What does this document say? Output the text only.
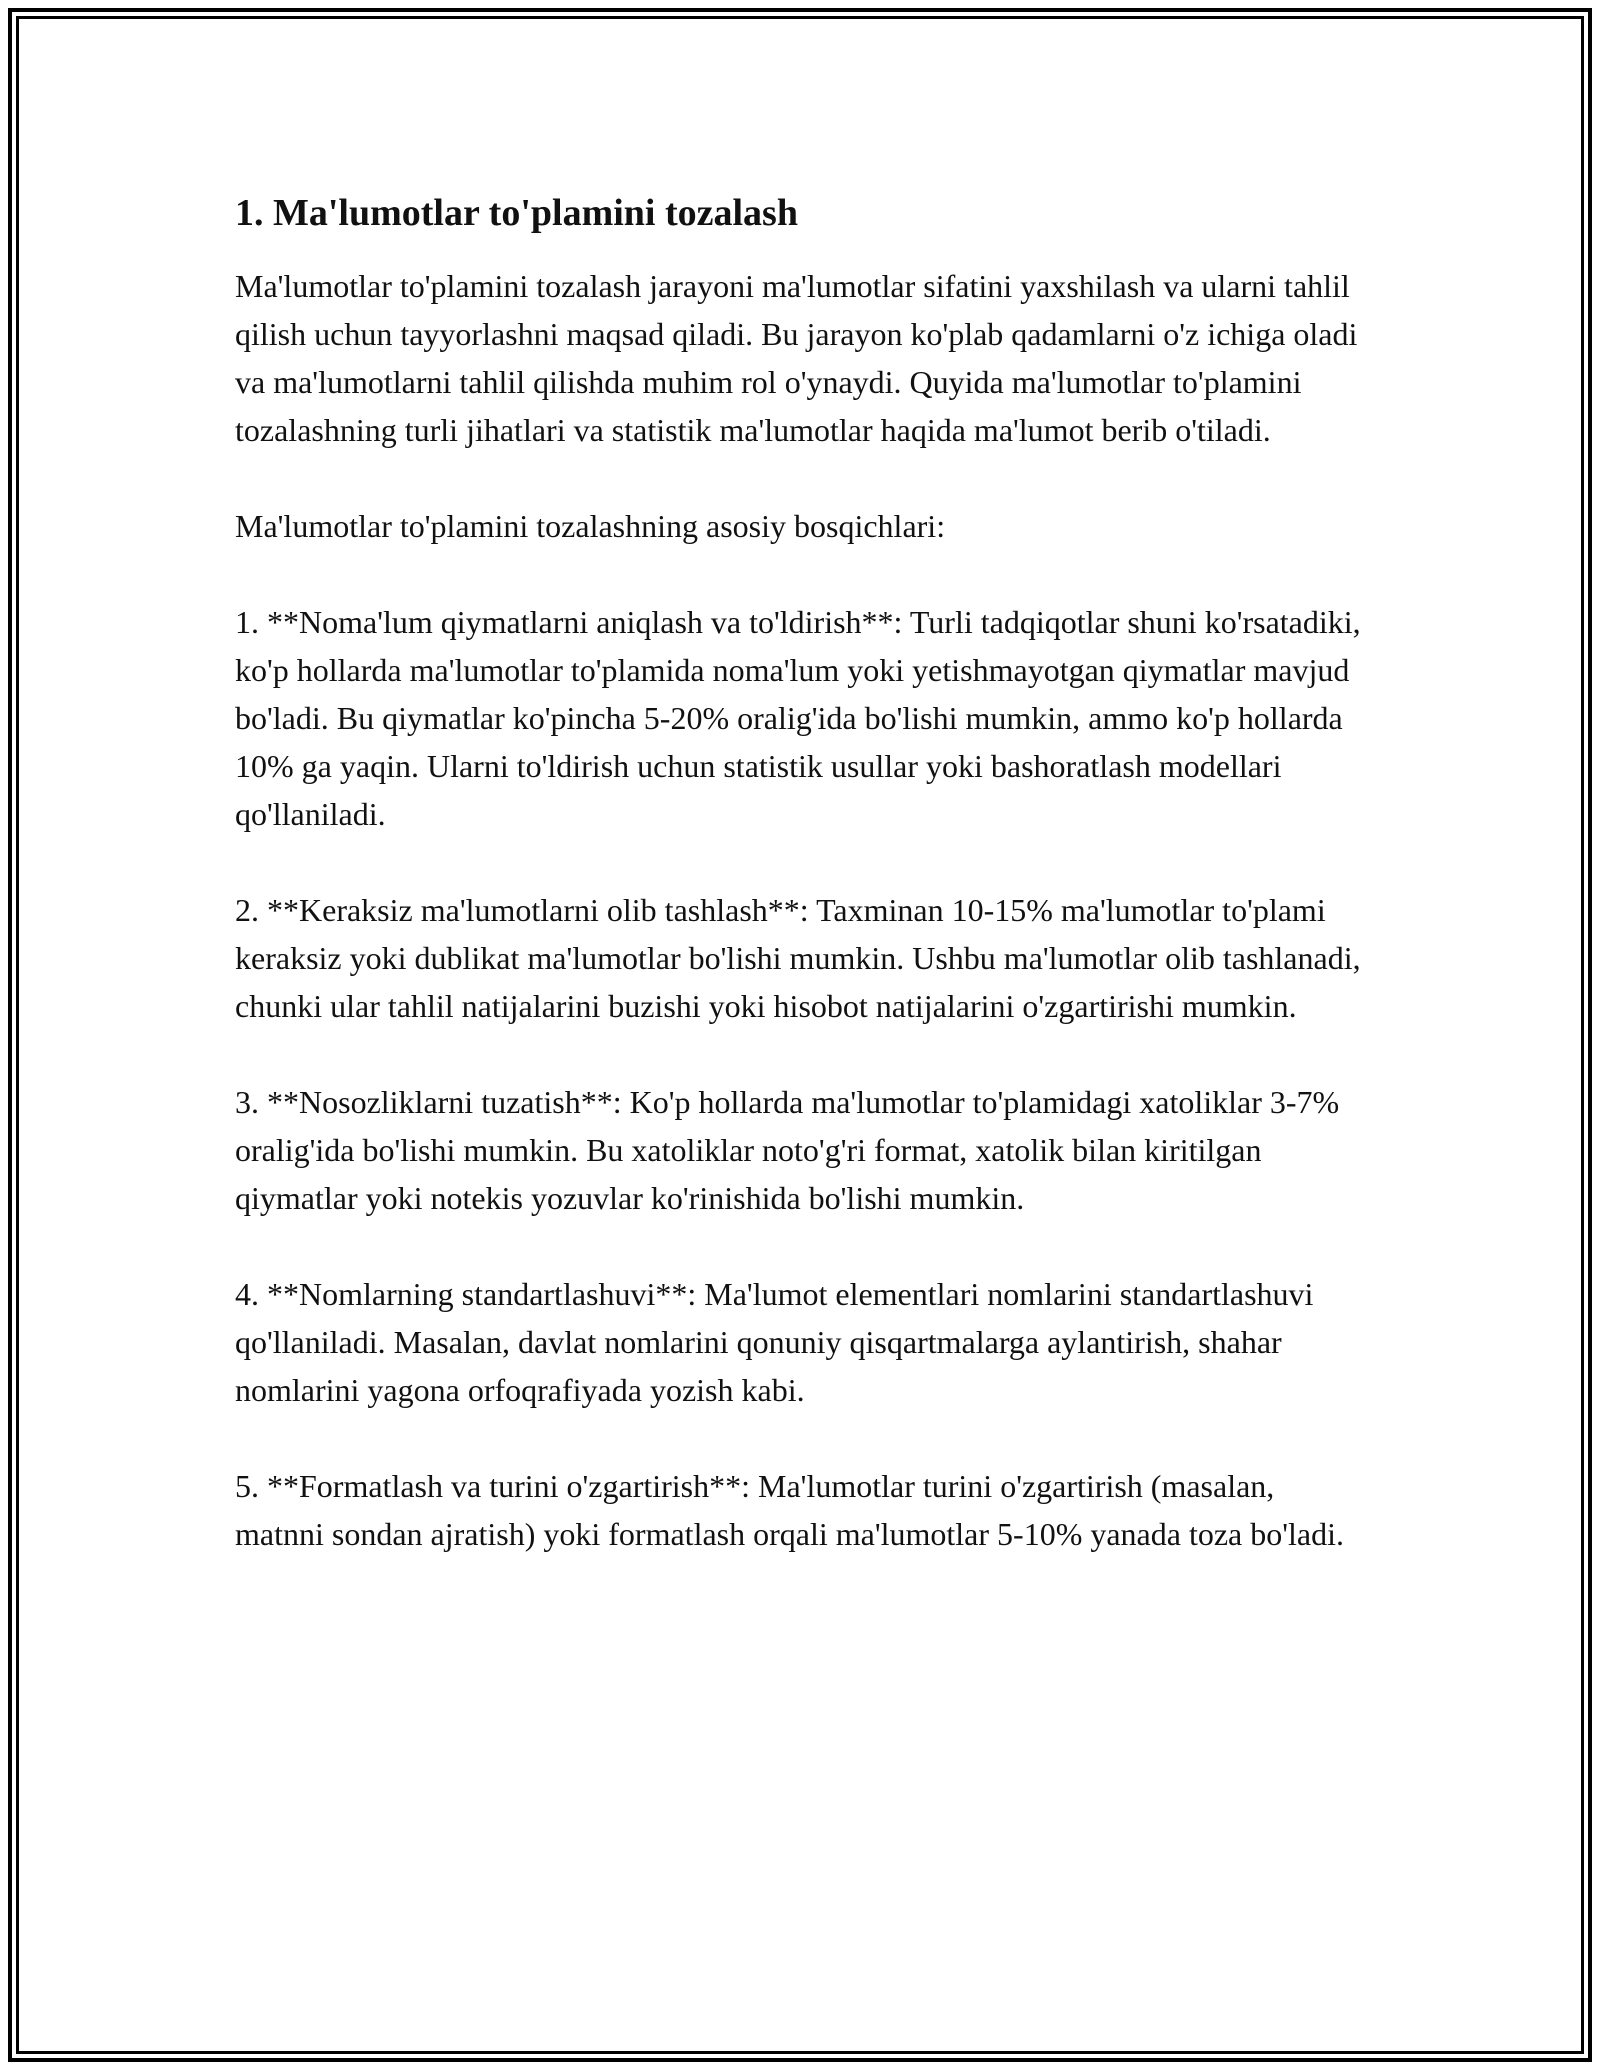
1. Ma'lumotlar to'plamini tozalash

Ma'lumotlar to'plamini tozalash jarayoni ma'lumotlar sifatini yaxshilash va ularni tahlil qilish uchun tayyorlashni maqsad qiladi. Bu jarayon ko'plab qadamlarni o'z ichiga oladi va ma'lumotlarni tahlil qilishda muhim rol o'ynaydi. Quyida ma'lumotlar to'plamini tozalashning turli jihatlari va statistik ma'lumotlar haqida ma'lumot berib o'tiladi.

Ma'lumotlar to'plamini tozalashning asosiy bosqichlari:

1. **Noma'lum qiymatlarni aniqlash va to'ldirish**: Turli tadqiqotlar shuni ko'rsatadiki, ko'p hollarda ma'lumotlar to'plamida noma'lum yoki yetishmayotgan qiymatlar mavjud bo'ladi. Bu qiymatlar ko'pincha 5-20% oralig'ida bo'lishi mumkin, ammo ko'p hollarda 10% ga yaqin. Ularni to'ldirish uchun statistik usullar yoki bashoratlash modellari qo'llaniladi.

2. **Keraksiz ma'lumotlarni olib tashlash**: Taxminan 10-15% ma'lumotlar to'plami keraksiz yoki dublikat ma'lumotlar bo'lishi mumkin. Ushbu ma'lumotlar olib tashlanadi, chunki ular tahlil natijalarini buzishi yoki hisobot natijalarini o'zgartirishi mumkin.

3. **Nosozliklarni tuzatish**: Ko'p hollarda ma'lumotlar to'plamidagi xatoliklar 3-7% oralig'ida bo'lishi mumkin. Bu xatoliklar noto'g'ri format, xatolik bilan kiritilgan qiymatlar yoki notekis yozuvlar ko'rinishida bo'lishi mumkin.

4. **Nomlarning standartlashuvi**: Ma'lumot elementlari nomlarini standartlashuvi qo'llaniladi. Masalan, davlat nomlarini qonuniy qisqartmalarga aylantirish, shahar nomlarini yagona orfoqrafiyada yozish kabi.

5. **Formatlash va turini o'zgartirish**: Ma'lumotlar turini o'zgartirish (masalan, matnni sondan ajratish) yoki formatlash orqali ma'lumotlar 5-10% yanada toza bo'ladi.
